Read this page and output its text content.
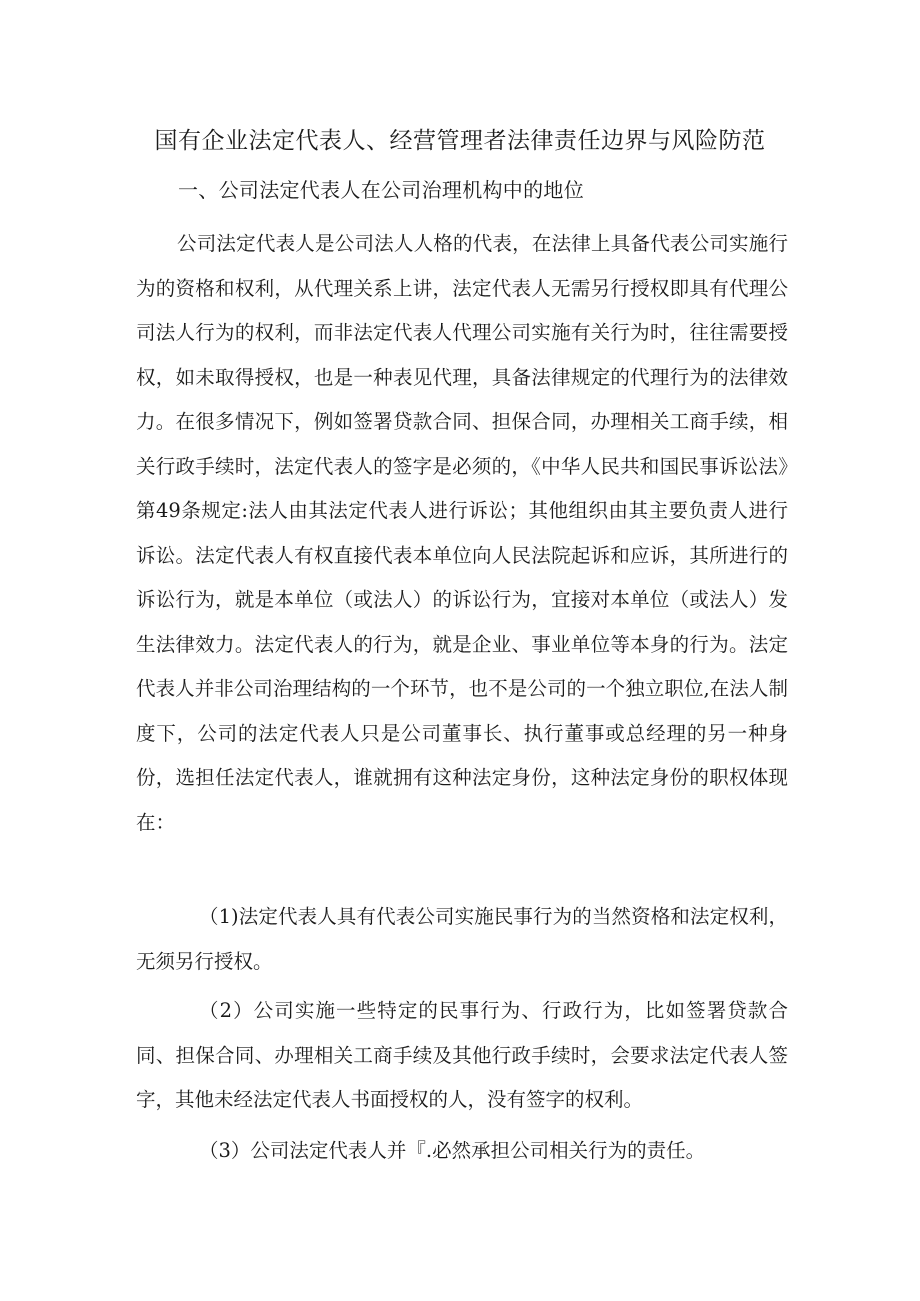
国有企业法定代表人、经营管理者法律责任边界与风险防范
一、公司法定代表人在公司治理机构中的地位

公司法定代表人是公司法人人格的代表，在法律上具备代表公司实施行为的资格和权利，从代理关系上讲，法定代表人无需另行授权即具有代理公司法人行为的权利，而非法定代表人代理公司实施有关行为时，往往需要授权，如未取得授权，也是一种表见代理，具备法律规定的代理行为的法律效力。在很多情况下，例如签署贷款合同、担保合同，办理相关工商手续，相关行政手续时，法定代表人的签字是必须的，《中华人民共和国民事诉讼法》第49条规定:法人由其法定代表人进行诉讼；其他组织由其主要负责人进行诉讼。法定代表人有权直接代表本单位向人民法院起诉和应诉，其所进行的诉讼行为，就是本单位（或法人）的诉讼行为，宜接对本单位（或法人）发生法律效力。法定代表人的行为，就是企业、事业单位等本身的行为。法定代表人并非公司治理结构的一个环节，也不是公司的一个独立职位,在法人制度下，公司的法定代表人只是公司董事长、执行董事或总经理的另一种身份，选担任法定代表人，谁就拥有这种法定身份，这种法定身份的职权体现在：

（1)法定代表人具有代表公司实施民事行为的当然资格和法定权利，无须另行授权。

（2）公司实施一些特定的民事行为、行政行为，比如签署贷款合同、担保合同、办理相关工商手续及其他行政手续时，会要求法定代表人签字，其他未经法定代表人书面授权的人，没有签字的权利。

（3）公司法定代表人并『.必然承担公司相关行为的责任。
